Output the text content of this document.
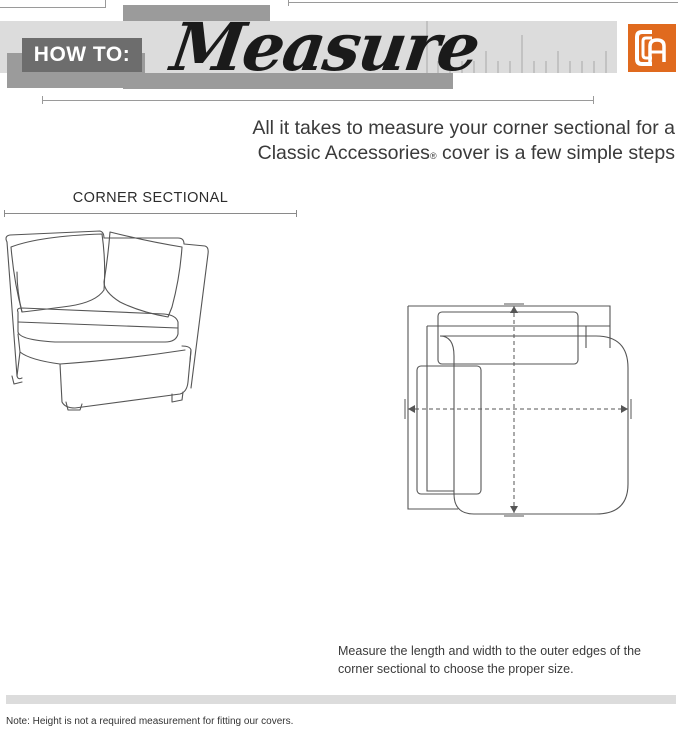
HOW TO: Measure
All it takes to measure your corner sectional for a
Classic Accessories® cover is a few simple steps
CORNER SECTIONAL
Measure the length and width to the outer edges of the corner sectional to choose the proper size.
Note: Height is not a required measurement for fitting our covers.
